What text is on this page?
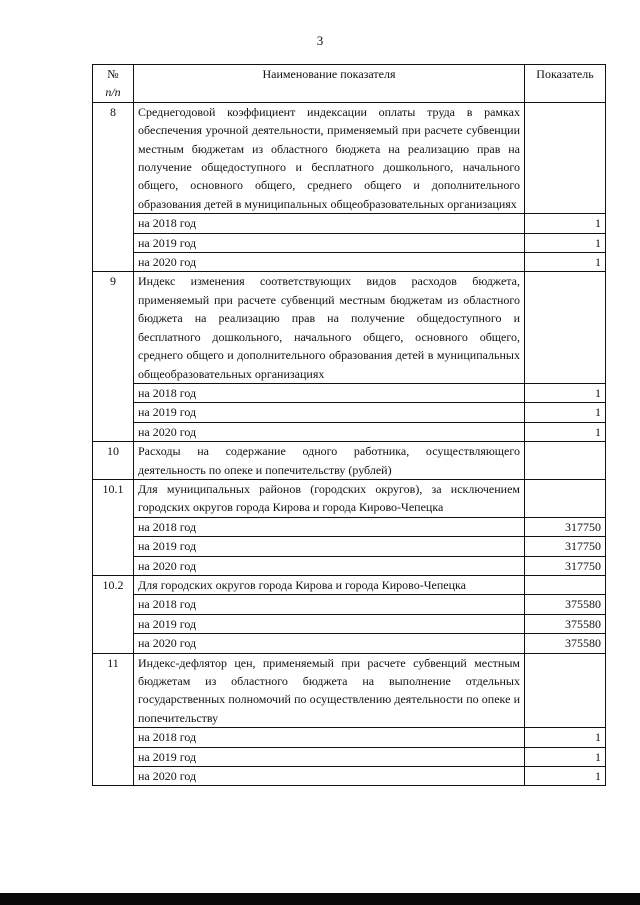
3
№
п/п	Наименование показателя	Показатель
8	Среднегодовой коэффициент индексации оплаты труда в рамках обеспечения урочной деятельности, применяемый при расчете субвенции местным бюджетам из областного бюджета на реализацию прав на получение общедоступного и бесплатного дошкольного, начального общего, основного общего, среднего общего и дополнительного образования детей в муниципальных общеобразовательных организациях	
	на 2018 год	1
	на 2019 год	1
	на 2020 год	1
9	Индекс изменения соответствующих видов расходов бюджета, применяемый при расчете субвенций местным бюджетам из областного бюджета на реализацию прав на получение общедоступного и бесплатного дошкольного, начального общего, основного общего, среднего общего и дополнительного образования детей в муниципальных общеобразовательных организациях	
	на 2018 год	1
	на 2019 год	1
	на 2020 год	1
10	Расходы на содержание одного работника, осуществляющего деятельность по опеке и попечительству (рублей)	
10.1	Для муниципальных районов (городских округов), за исключением городских округов города Кирова и города Кирово-Чепецка	
	на 2018 год	317750
	на 2019 год	317750
	на 2020 год	317750
10.2	Для городских округов города Кирова и города Кирово-Чепецка	
	на 2018 год	375580
	на 2019 год	375580
	на 2020 год	375580
11	Индекс-дефлятор цен, применяемый при расчете субвенций местным бюджетам из областного бюджета на выполнение отдельных государственных полномочий по осуществлению деятельности по опеке и попечительству	
	на 2018 год	1
	на 2019 год	1
	на 2020 год	1
